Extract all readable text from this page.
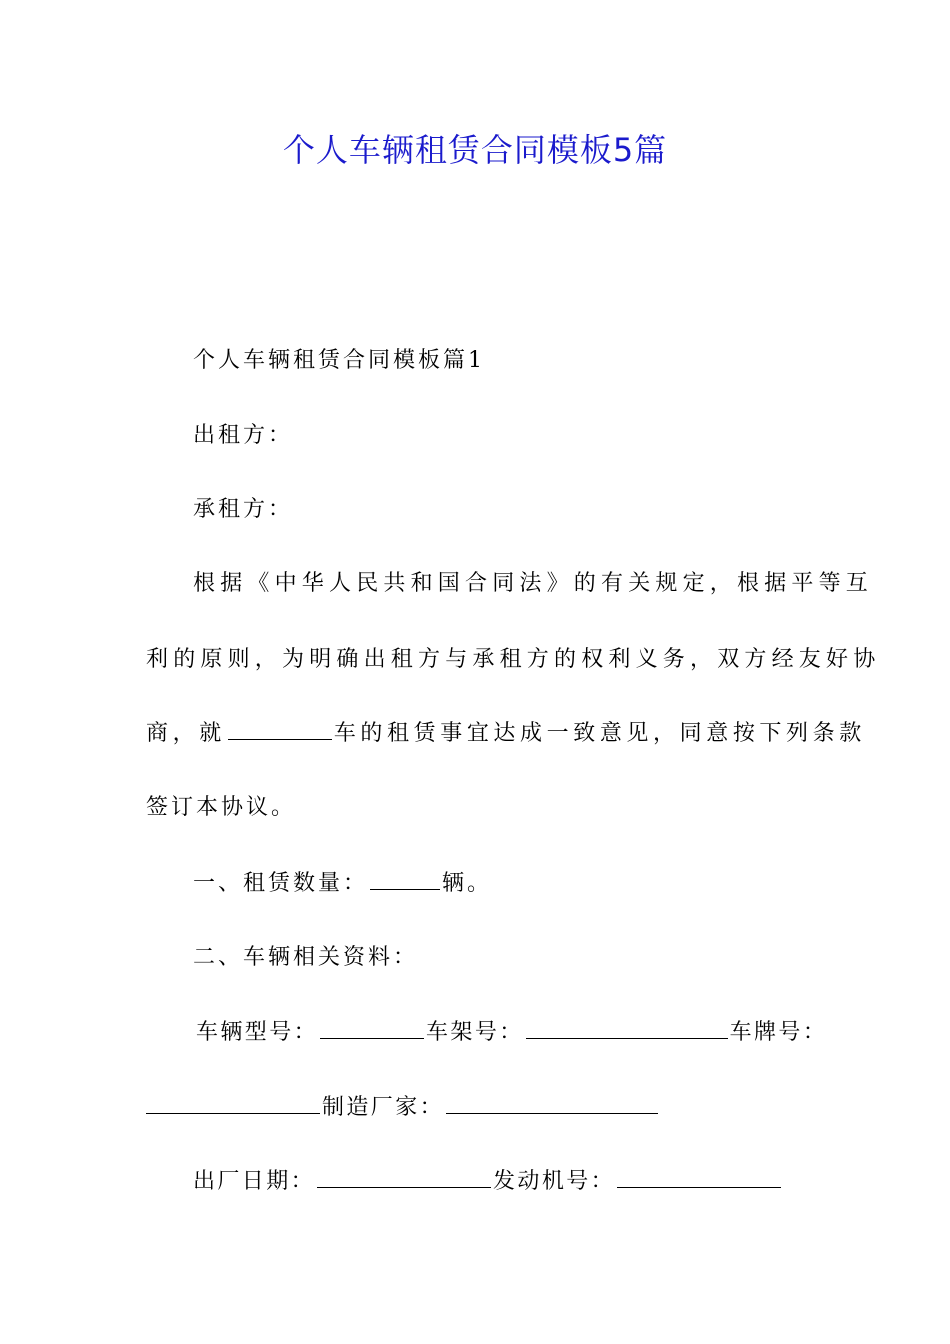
个人车辆租赁合同模板5篇
个人车辆租赁合同模板篇1
出租方：
承租方：
根据《中华人民共和国合同法》的有关规定，根据平等互
利的原则，为明确出租方与承租方的权利义务，双方经友好协
商，就	车的租赁事宜达成一致意见，同意按下列条款
签订本协议。
一、租赁数量：	辆。
二、车辆相关资料：
车辆型号：	车架号：	车牌号：
制造厂家：
出厂日期：	发动机号：
